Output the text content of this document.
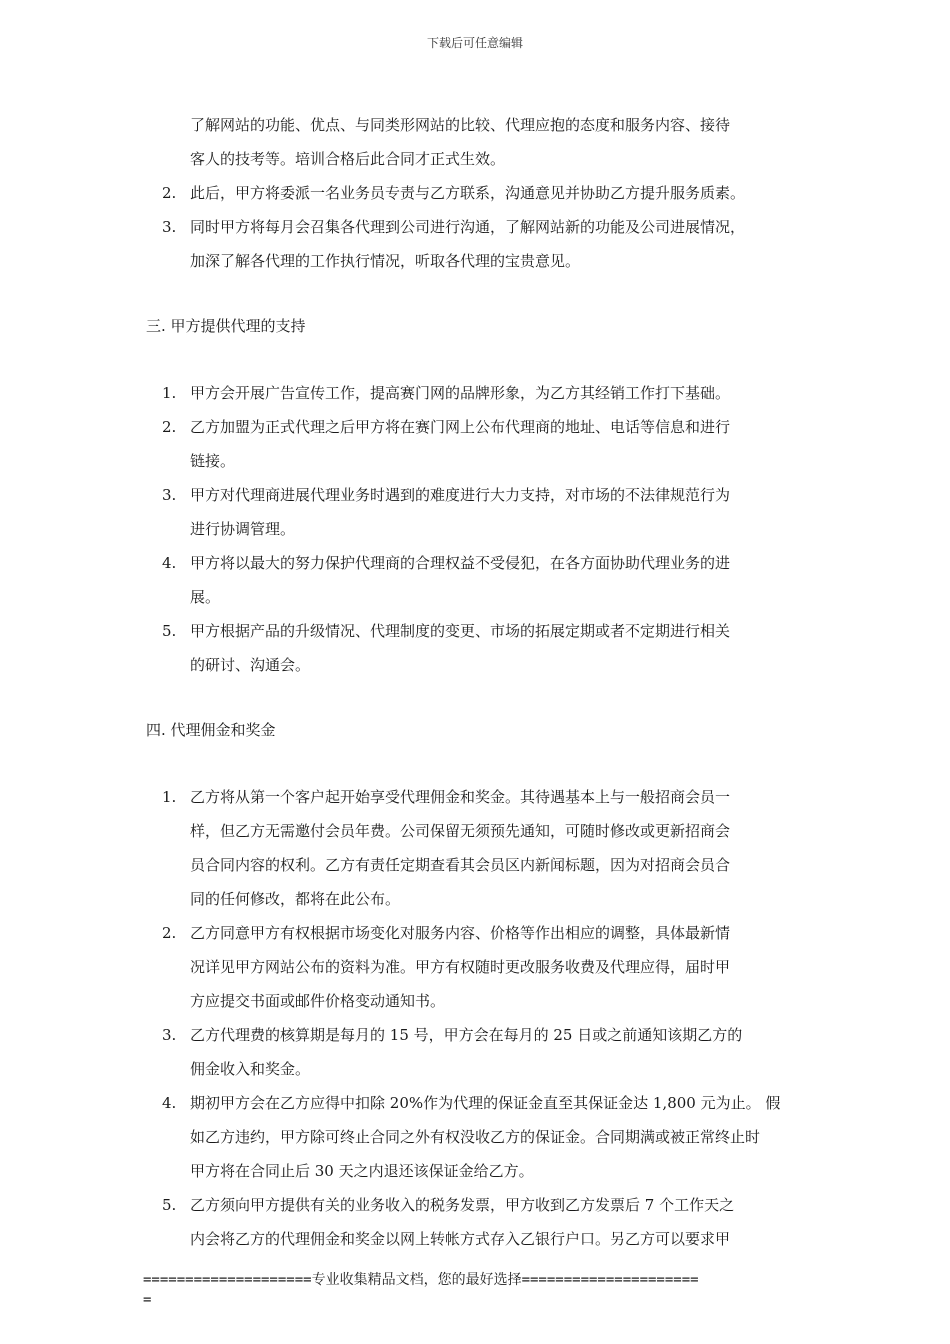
下载后可任意编辑
了解网站的功能、优点、与同类形网站的比较、代理应抱的态度和服务内容、接待
客人的技考等。培训合格后此合同才正式生效。
2. 此后，甲方将委派一名业务员专责与乙方联系，沟通意见并协助乙方提升服务质素。
3. 同时甲方将每月会召集各代理到公司进行沟通，了解网站新的功能及公司进展情况，
加深了解各代理的工作执行情况，听取各代理的宝贵意见。
三. 甲方提供代理的支持
1. 甲方会开展广告宣传工作，提高赛门网的品牌形象，为乙方其经销工作打下基础。
2. 乙方加盟为正式代理之后甲方将在赛门网上公布代理商的地址、电话等信息和进行
链接。
3. 甲方对代理商进展代理业务时遇到的难度进行大力支持，对市场的不法律规范行为
进行协调管理。
4. 甲方将以最大的努力保护代理商的合理权益不受侵犯，在各方面协助代理业务的进
展。
5. 甲方根据产品的升级情况、代理制度的变更、市场的拓展定期或者不定期进行相关
的研讨、沟通会。
四. 代理佣金和奖金
1. 乙方将从第一个客户起开始享受代理佣金和奖金。其待遇基本上与一般招商会员一
样，但乙方无需邀付会员年费。公司保留无须预先通知，可随时修改或更新招商会
员合同内容的权利。乙方有责任定期查看其会员区内新闻标题，因为对招商会员合
同的任何修改，都将在此公布。
2. 乙方同意甲方有权根据市场变化对服务内容、价格等作出相应的调整，具体最新情
况详见甲方网站公布的资料为准。甲方有权随时更改服务收费及代理应得，届时甲
方应提交书面或邮件价格变动通知书。
3. 乙方代理费的核算期是每月的 15 号，甲方会在每月的 25 日或之前通知该期乙方的
佣金收入和奖金。
4. 期初甲方会在乙方应得中扣除 20%作为代理的保证金直至其保证金达 1,800 元为止。 假
如乙方违约，甲方除可终止合同之外有权没收乙方的保证金。合同期满或被正常终止时
甲方将在合同止后 30 天之内退还该保证金给乙方。
5. 乙方须向甲方提供有关的业务收入的税务发票，甲方收到乙方发票后 7 个工作天之
内会将乙方的代理佣金和奖金以网上转帐方式存入乙银行户口。另乙方可以要求甲
====================专业收集精品文档，您的最好选择=====================
=
